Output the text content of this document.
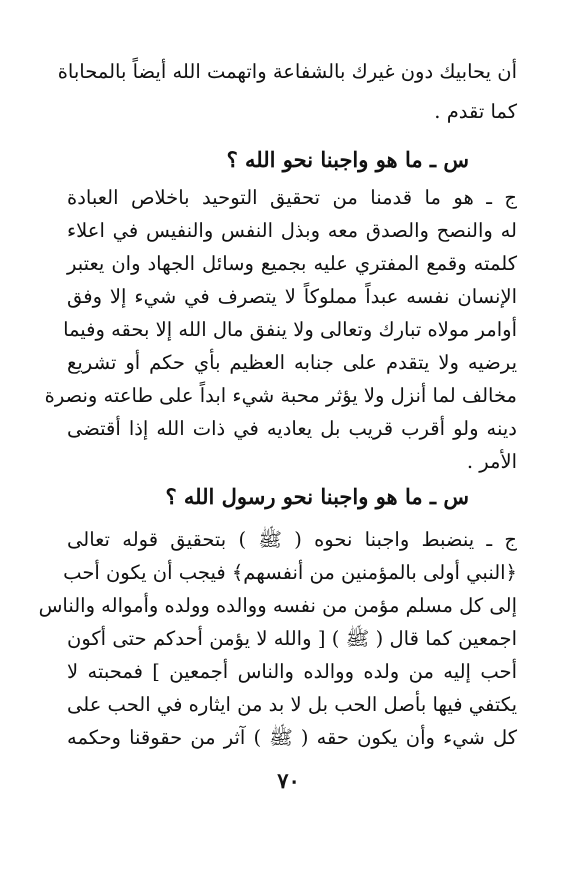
أن يحابيك دون غيرك بالشفاعة واتهمت الله أيضاً بالمحاباة
كما تقدم .
س ـ ما هو واجبنا نحو الله ؟
ج ـ هو ما قدمنا من تحقيق التوحيد باخلاص العبادة
له والنصح والصدق معه وبذل النفس والنفيس في اعلاء
كلمته وقمع المفتري عليه بجميع وسائل الجهاد وان يعتبر
الإنسان نفسه عبداً مملوكاً لا يتصرف في شيء إلا وفق
أوامر مولاه تبارك وتعالى ولا ينفق مال الله إلا بحقه وفيما
يرضيه ولا يتقدم على جنابه العظيم بأي حكم أو تشريع
مخالف لما أنزل ولا يؤثر محبة شيء ابداً على طاعته ونصرة
دينه ولو أقرب قريب بل يعاديه في ذات الله إذا أقتضى
الأمر .
س ـ ما هو واجبنا نحو رسول الله ؟
ج ـ ينضبط واجبنا نحوه ( ﷺ ) بتحقيق قوله تعالى
﴿النبي أولى بالمؤمنين من أنفسهم﴾ فيجب أن يكون أحب
إلى كل مسلم مؤمن من نفسه ووالده وولده وأمواله والناس
اجمعين كما قال ( ﷺ ) [ والله لا يؤمن أحدكم حتى أكون
أحب إليه من ولده ووالده والناس أجمعين ] فمحبته لا
يكتفي فيها بأصل الحب بل لا بد من ايثاره في الحب على
كل شيء وأن يكون حقه ( ﷺ ) آثر من حقوقنا وحكمه
٧٠
